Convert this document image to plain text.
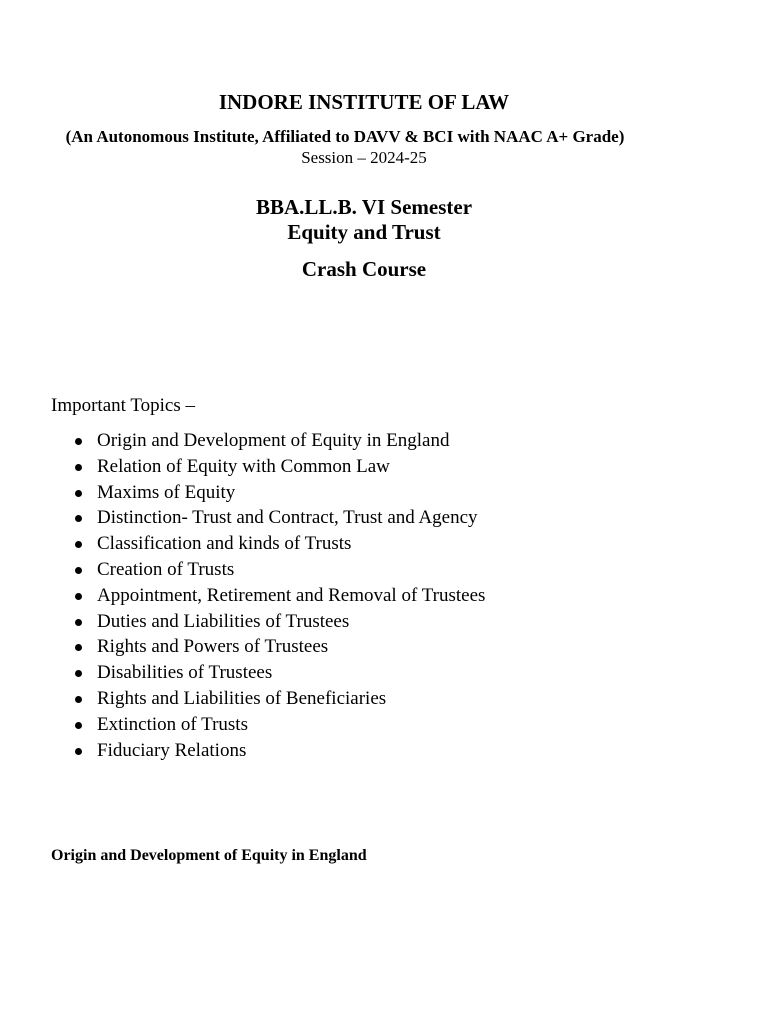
INDORE INSTITUTE OF LAW
(An Autonomous Institute, Affiliated to DAVV & BCI with NAAC A+ Grade)
Session – 2024-25
BBA.LL.B. VI Semester
Equity and Trust
Crash Course
Important Topics –
Origin and Development of Equity in England
Relation of Equity with Common Law
Maxims of Equity
Distinction- Trust and Contract, Trust and Agency
Classification and kinds of Trusts
Creation of Trusts
Appointment, Retirement and Removal of Trustees
Duties and Liabilities of Trustees
Rights and Powers of Trustees
Disabilities of Trustees
Rights and Liabilities of Beneficiaries
Extinction of Trusts
Fiduciary Relations
Origin and Development of Equity in England
